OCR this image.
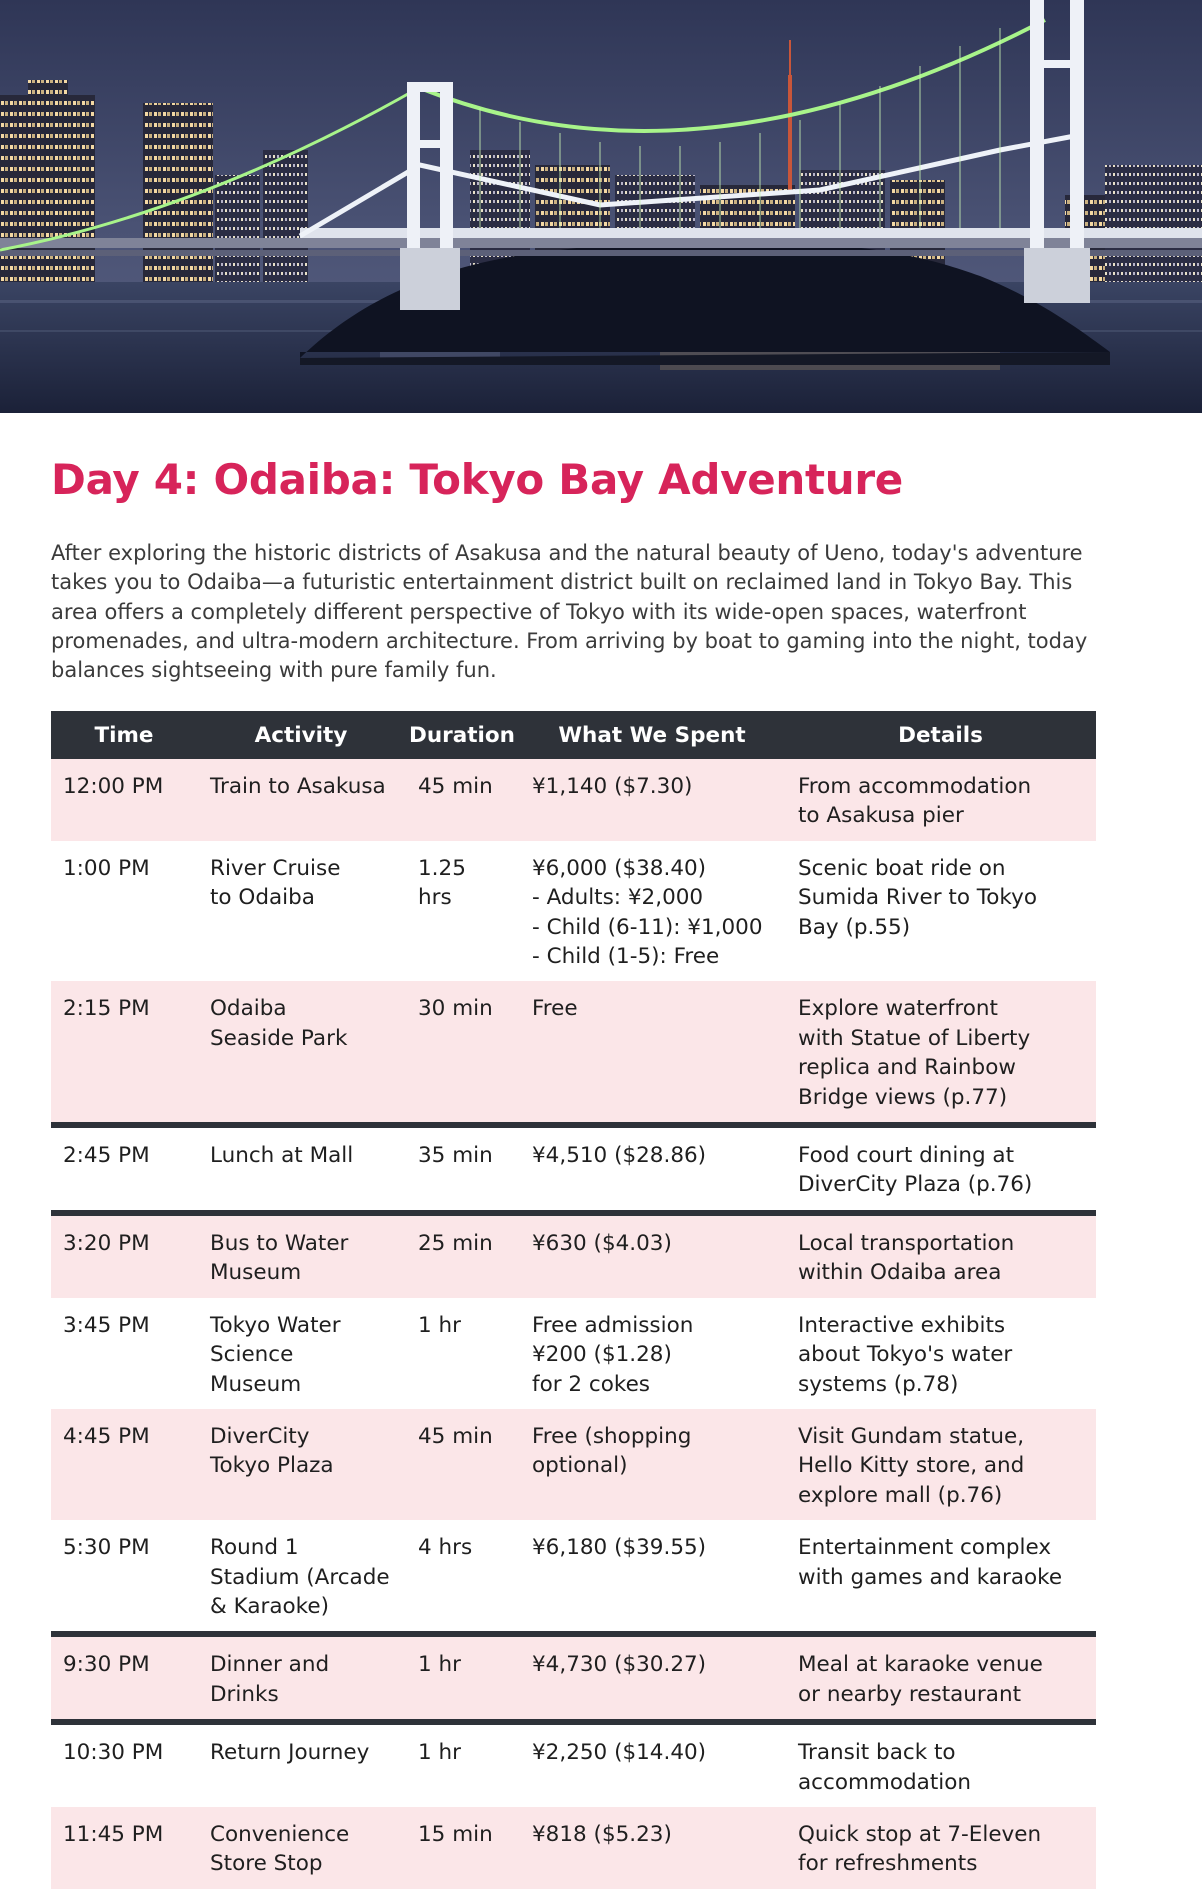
Day 4: Odaiba: Tokyo Bay Adventure

After exploring the historic districts of Asakusa and the natural beauty of Ueno, today's adventure takes you to Odaiba—a futuristic entertainment district built on reclaimed land in Tokyo Bay. This area offers a completely different perspective of Tokyo with its wide-open spaces, waterfront promenades, and ultra-modern architecture. From arriving by boat to gaming into the night, today balances sightseeing with pure family fun.

Time	Activity	Duration	What We Spent	Details
12:00 PM	Train to Asakusa	45 min	¥1,140 ($7.30)	From accommodation
to Asakusa pier
1:00 PM	River Cruise
to Odaiba	1.25
hrs	¥6,000 ($38.40)
- Adults: ¥2,000
- Child (6-11): ¥1,000
- Child (1-5): Free	Scenic boat ride on
Sumida River to Tokyo
Bay (p.55)
2:15 PM	Odaiba
Seaside Park	30 min	Free	Explore waterfront
with Statue of Liberty
replica and Rainbow
Bridge views (p.77)
2:45 PM	Lunch at Mall	35 min	¥4,510 ($28.86)	Food court dining at
DiverCity Plaza (p.76)
3:20 PM	Bus to Water
Museum	25 min	¥630 ($4.03)	Local transportation
within Odaiba area
3:45 PM	Tokyo Water
Science
Museum	1 hr	Free admission
¥200 ($1.28)
for 2 cokes	Interactive exhibits
about Tokyo's water
systems (p.78)
4:45 PM	DiverCity
Tokyo Plaza	45 min	Free (shopping
optional)	Visit Gundam statue,
Hello Kitty store, and
explore mall (p.76)
5:30 PM	Round 1
Stadium (Arcade
& Karaoke)	4 hrs	¥6,180 ($39.55)	Entertainment complex
with games and karaoke
9:30 PM	Dinner and
Drinks	1 hr	¥4,730 ($30.27)	Meal at karaoke venue
or nearby restaurant
10:30 PM	Return Journey	1 hr	¥2,250 ($14.40)	Transit back to
accommodation
11:45 PM	Convenience
Store Stop	15 min	¥818 ($5.23)	Quick stop at 7-Eleven
for refreshments
